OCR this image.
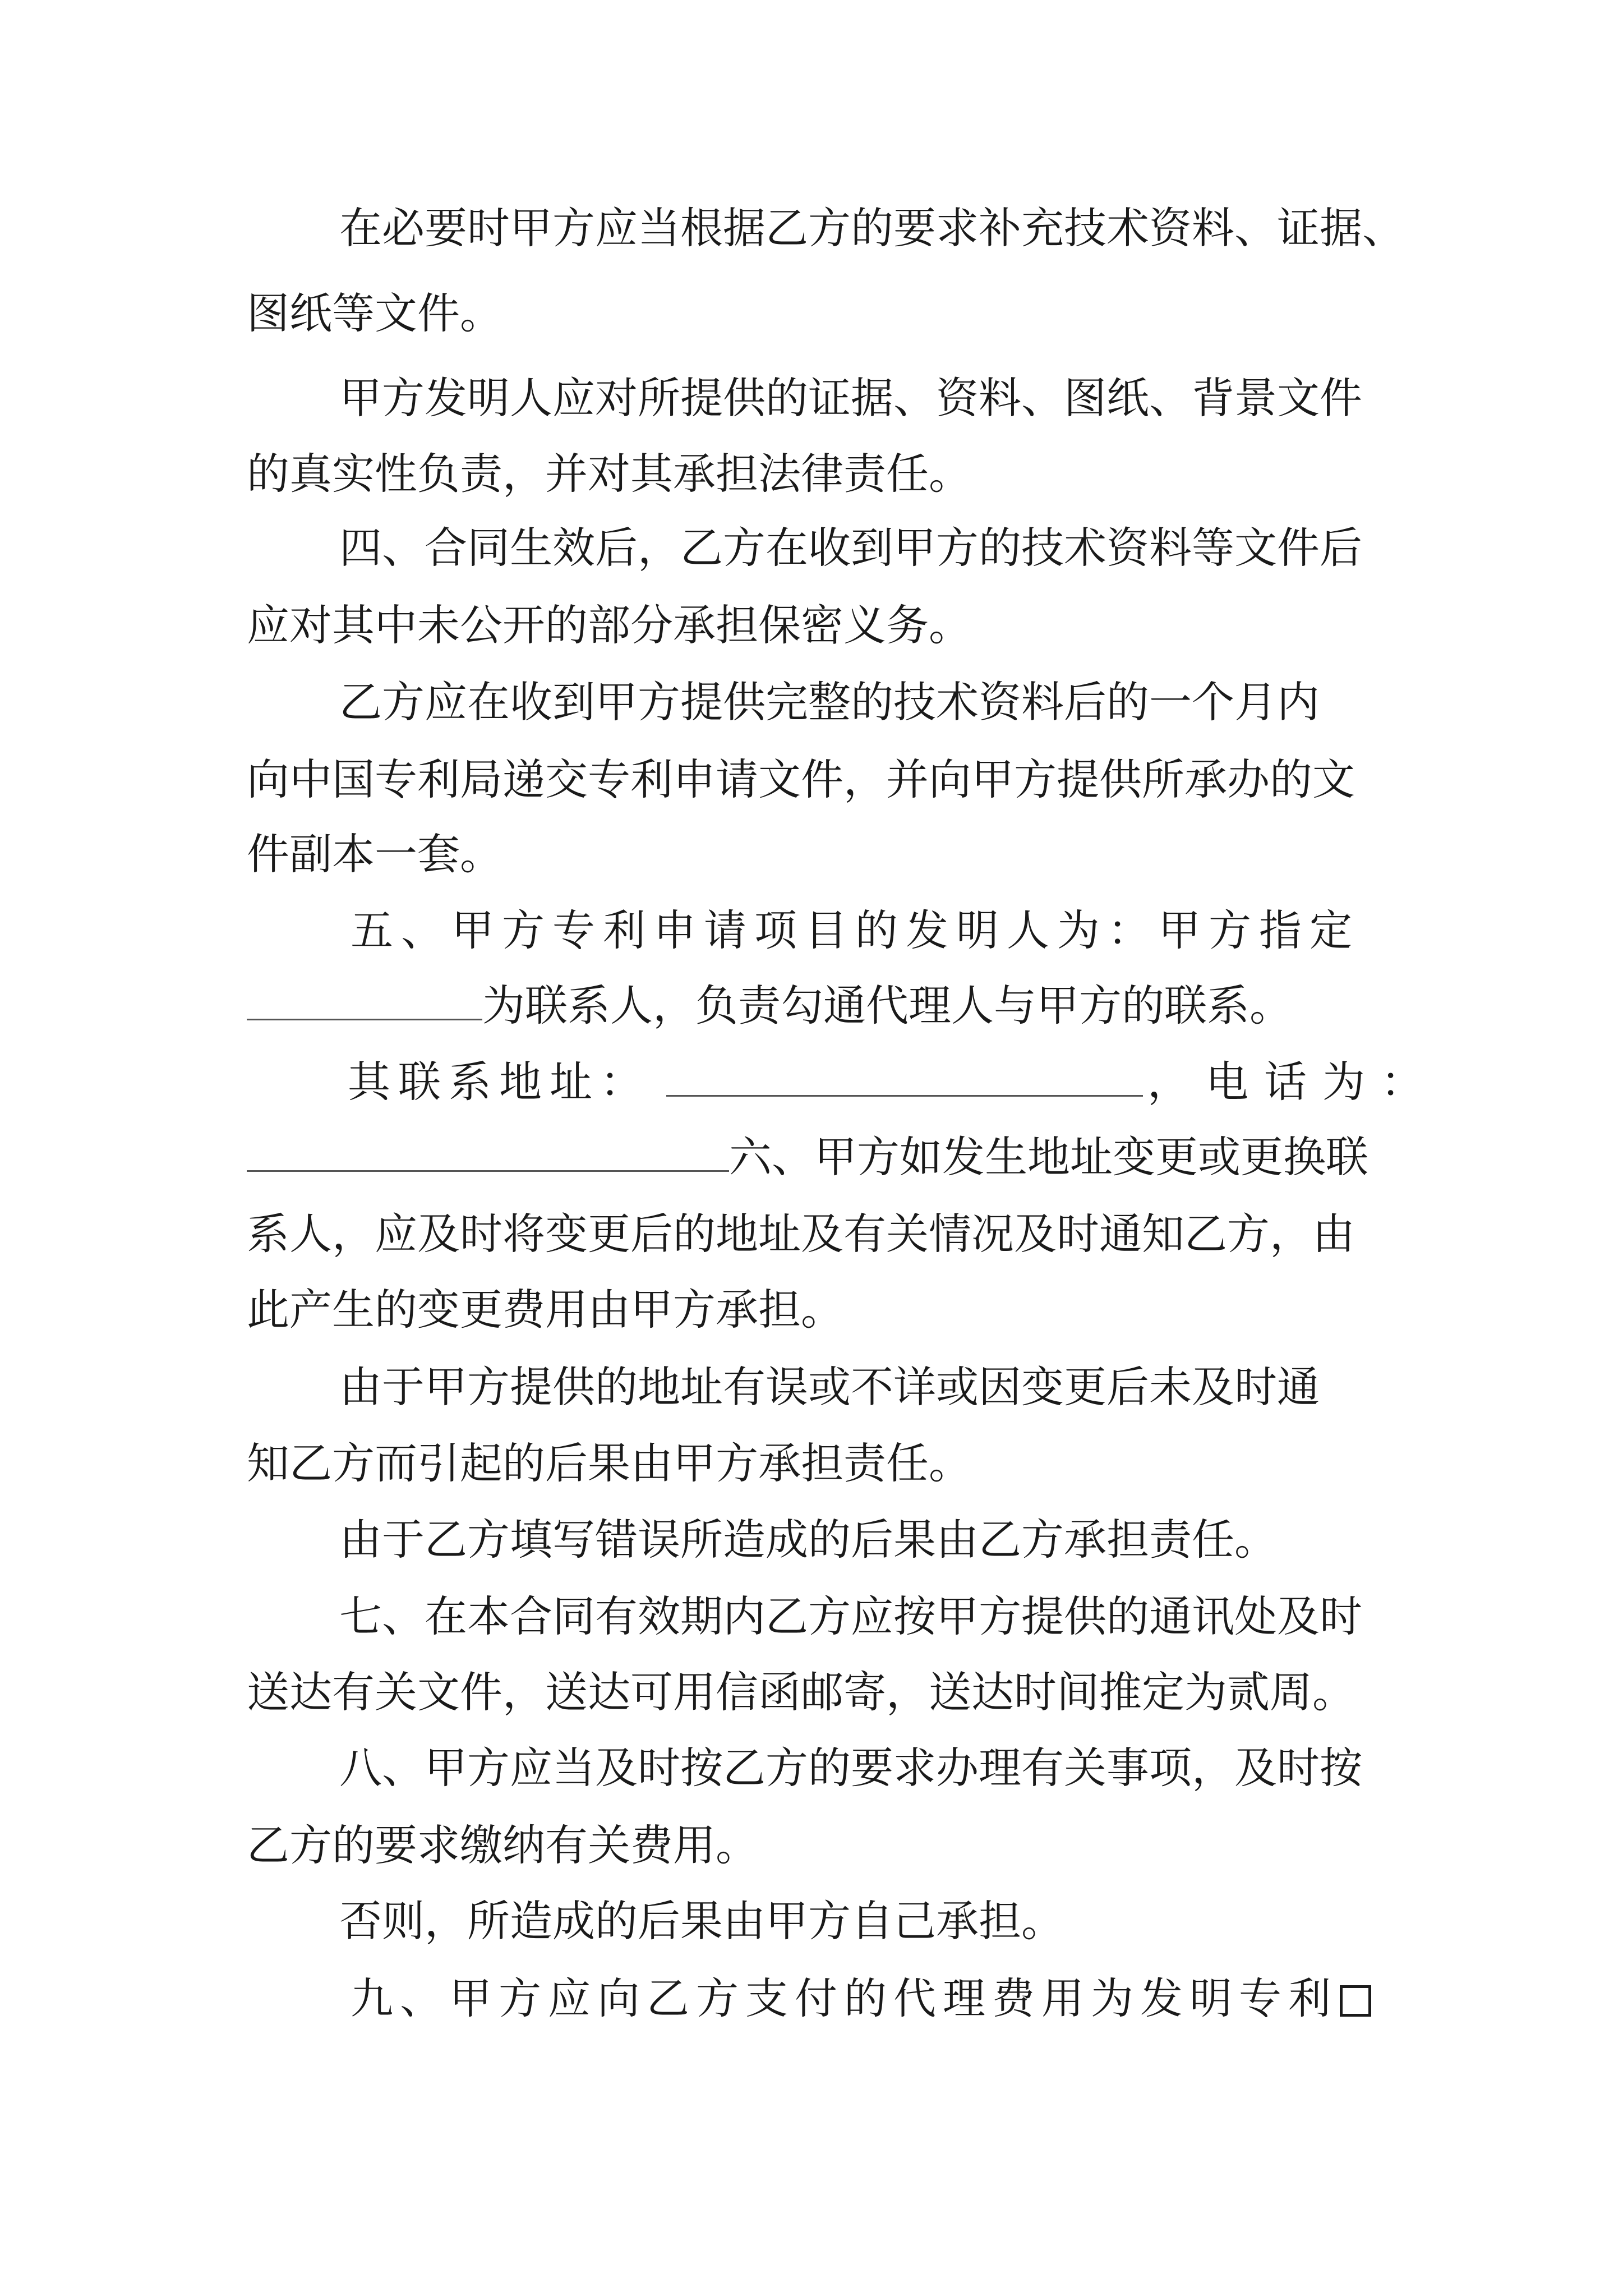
在必要时甲方应当根据乙方的要求补充技术资料、证据、
图纸等文件。
甲方发明人应对所提供的证据、资料、图纸、背景文件
的真实性负责，并对其承担法律责任。
四、合同生效后，乙方在收到甲方的技术资料等文件后
应对其中未公开的部分承担保密义务。
乙方应在收到甲方提供完整的技术资料后的一个月内
向中国专利局递交专利申请文件，并向甲方提供所承办的文
件副本一套。
五、甲方专利申请项目的发明人为：甲方指定
为联系人，负责勾通代理人与甲方的联系。
其联系地址：	，电话为：
六、甲方如发生地址变更或更换联
系人，应及时将变更后的地址及有关情况及时通知乙方，由
此产生的变更费用由甲方承担。
由于甲方提供的地址有误或不详或因变更后未及时通
知乙方而引起的后果由甲方承担责任。
由于乙方填写错误所造成的后果由乙方承担责任。
七、在本合同有效期内乙方应按甲方提供的通讯处及时
送达有关文件，送达可用信函邮寄，送达时间推定为贰周。
八、甲方应当及时按乙方的要求办理有关事项，及时按
乙方的要求缴纳有关费用。
否则，所造成的后果由甲方自己承担。
九、甲方应向乙方支付的代理费用为发明专利
